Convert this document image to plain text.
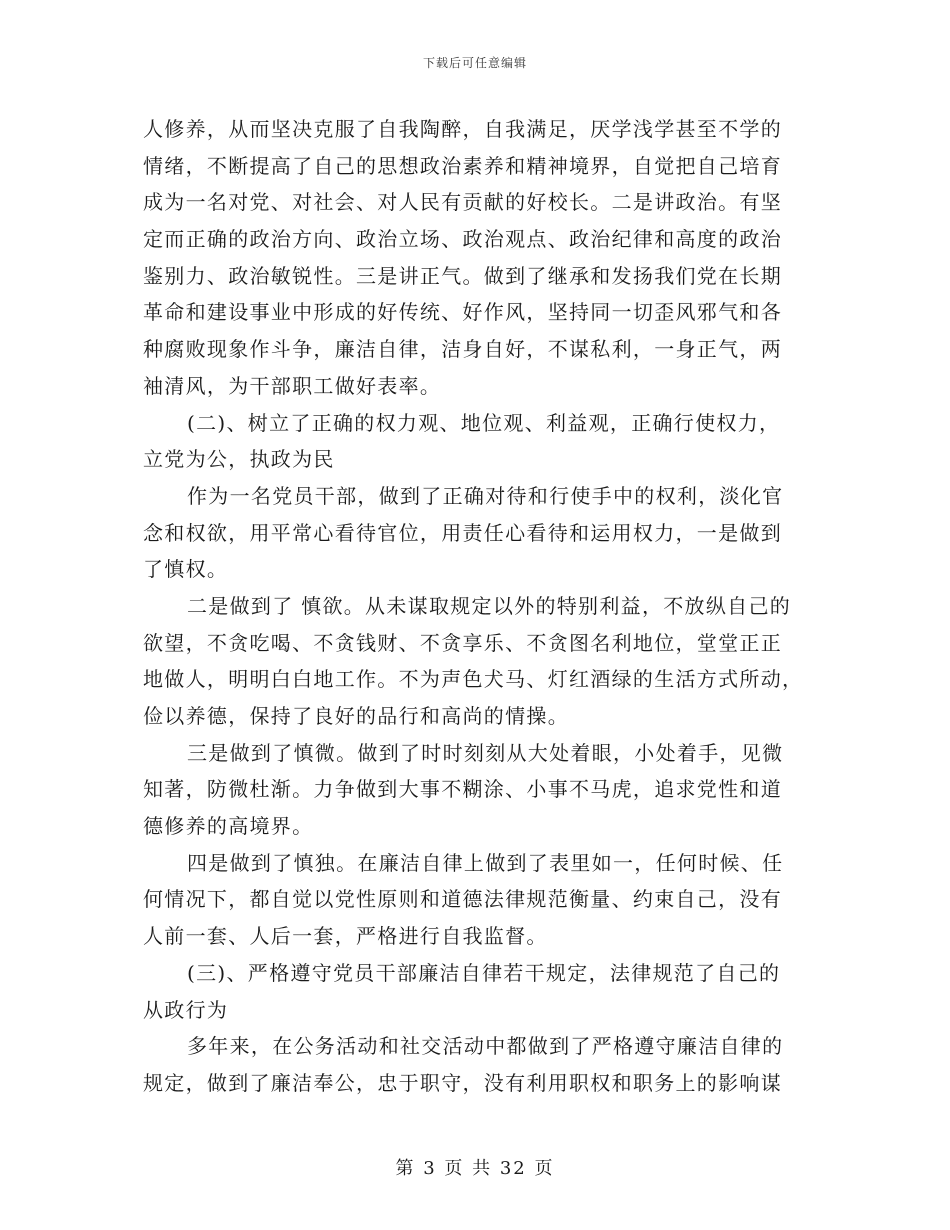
下载后可任意编辑
人修养，从而坚决克服了自我陶醉，自我满足，厌学浅学甚至不学的
情绪，不断提高了自己的思想政治素养和精神境界，自觉把自己培育
成为一名对党、对社会、对人民有贡献的好校长。二是讲政治。有坚
定而正确的政治方向、政治立场、政治观点、政治纪律和高度的政治
鉴别力、政治敏锐性。三是讲正气。做到了继承和发扬我们党在长期
革命和建设事业中形成的好传统、好作风，坚持同一切歪风邪气和各
种腐败现象作斗争，廉洁自律，洁身自好，不谋私利，一身正气，两
袖清风，为干部职工做好表率。
(二)、树立了正确的权力观、地位观、利益观，正确行使权力，
立党为公，执政为民
作为一名党员干部，做到了正确对待和行使手中的权利，淡化官
念和权欲，用平常心看待官位，用责任心看待和运用权力，一是做到
了慎权。
二是做到了 慎欲。从未谋取规定以外的特别利益，不放纵自己的
欲望，不贪吃喝、不贪钱财、不贪享乐、不贪图名利地位，堂堂正正
地做人，明明白白地工作。不为声色犬马、灯红酒绿的生活方式所动，
俭以养德，保持了良好的品行和高尚的情操。
三是做到了慎微。做到了时时刻刻从大处着眼，小处着手，见微
知著，防微杜渐。力争做到大事不糊涂、小事不马虎，追求党性和道
德修养的高境界。
四是做到了慎独。在廉洁自律上做到了表里如一，任何时候、任
何情况下，都自觉以党性原则和道德法律规范衡量、约束自己，没有
人前一套、人后一套，严格进行自我监督。
(三)、严格遵守党员干部廉洁自律若干规定，法律规范了自己的
从政行为
多年来，在公务活动和社交活动中都做到了严格遵守廉洁自律的
规定，做到了廉洁奉公，忠于职守，没有利用职权和职务上的影响谋
第 3 页 共 32 页
